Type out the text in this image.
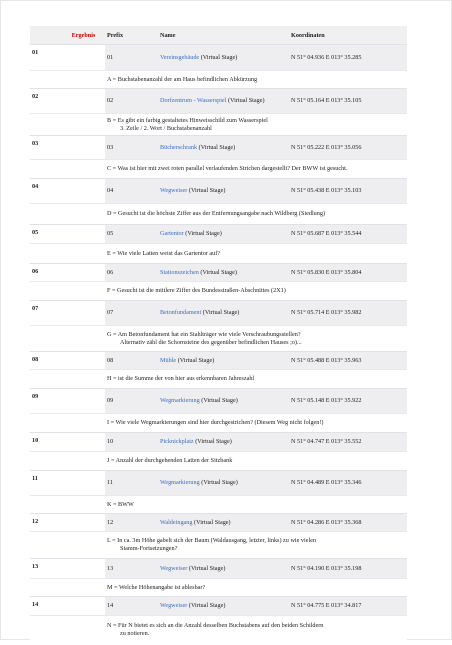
	Ergebnis	Prefix	Name	Koordinaten
01		01	Vereinsgebäude (Virtual Stage)	N 51° 04.936 E 013° 35.285

		A = Buchstabenanzahl der am Haus befindlichen Abkürzung		

02		02	Dorfzentrum - Wasserspiel (Virtual Stage)	N 51° 05.164 E 013° 35.105

		B = Es gibt ein farbig gestaltetes Hinweisschild zum Wasserspiel
3. Zeile / 2. Wort / Buchstabenanzahl		

03		03	Bücherschrank (Virtual Stage)	N 51° 05.222 E 013° 35.056

		C = Was ist hier mit zwei roten parallel verlaufenden Strichen dargestellt? Der BWW ist gesucht.		

04		04	Wegweiser (Virtual Stage)	N 51° 05.438 E 013° 35.103

		D = Gesucht ist die höchste Ziffer aus der Entfernungsangabe nach Wildberg (Siedlung)		

05		05	Gartentor (Virtual Stage)	N 51° 05.687 E 013° 35.544

		E = Wie viele Latten weist das Gartentor auf?		

06		06	Stationszeichen (Virtual Stage)	N 51° 05.830 E 013° 35.804

		F = Gesucht ist die mittlere Ziffer des Bundesstraßen-Abschnittes (2X1)		

07		07	Betonfundament (Virtual Stage)	N 51° 05.714 E 013° 35.982

		G = Am Betonfundament hat ein Stahlträger wie viele Verschraubungsstellen?
Alternativ zähl die Schornsteine des gegenüber befindlichen Hauses ;o)...		

08		08	Mühle (Virtual Stage)	N 51° 05.488 E 013° 35.963

		H = ist die Summe der von hier aus erkennbaren Jahreszahl		

09		09	Wegmarkierung (Virtual Stage)	N 51° 05.148 E 013° 35.922

		I = Wie viele Wegmarkierungen sind hier durchgestrichen? (Diesem Weg nicht folgen!)		

10		10	Picknickplatz (Virtual Stage)	N 51° 04.747 E 013° 35.552

		J = Anzahl der durchgehenden Latten der Sitzbank		

11		11	Wegmarkierung (Virtual Stage)	N 51° 04.489 E 013° 35.346

		K = BWW		

12		12	Waldeingang (Virtual Stage)	N 51° 04.286 E 013° 35.368

		L = In ca. 3m Höhe gabelt sich der Baum (Waldausgang, letzter, links) zu wie vielen
Stamm-Fortsetzungen?		

13		13	Wegweiser (Virtual Stage)	N 51° 04.190 E 013° 35.198

		M = Welche Höhenangabe ist ablesbar?		

14		14	Wegweiser (Virtual Stage)	N 51° 04.775 E 013° 34.817

		N = Für N bietet es sich an die Anzahl desselben Buchstabens auf den beiden Schildern
zu notieren.		
